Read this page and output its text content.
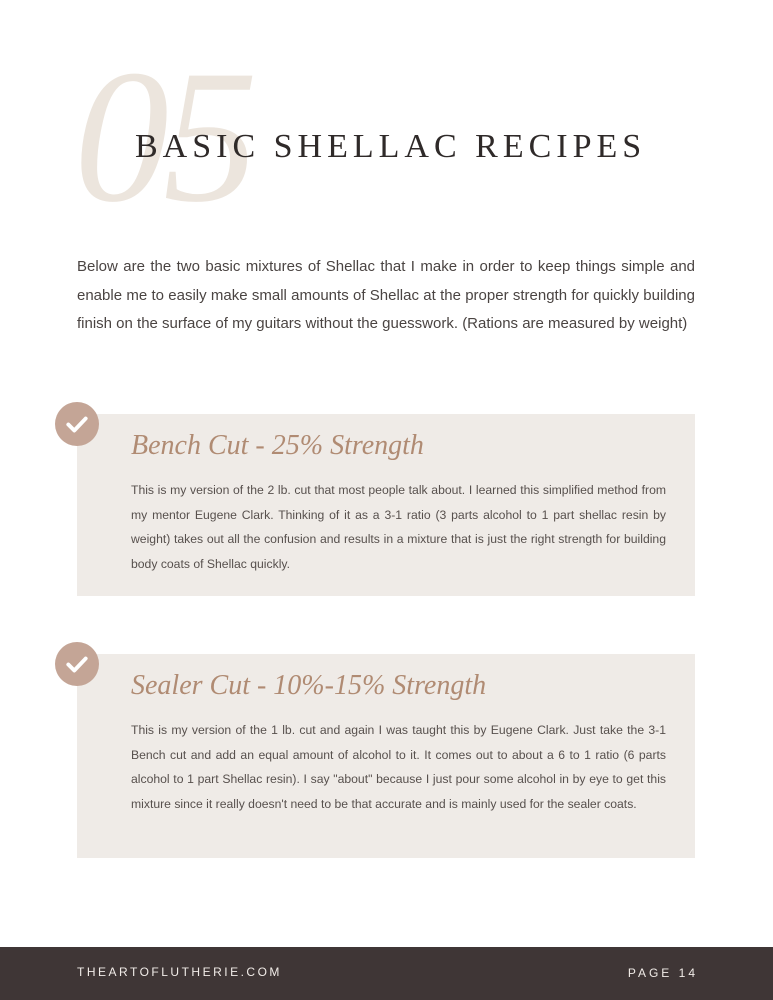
05
BASIC SHELLAC RECIPES

Below are the two basic mixtures of Shellac that I make in order to keep things simple and enable me to easily make small amounts of Shellac at the proper strength for quickly building finish on the surface of my guitars without the guesswork. (Rations are measured by weight)

Bench Cut - 25% Strength

This is my version of the 2 lb. cut that most people talk about. I learned this simplified method from my mentor Eugene Clark. Thinking of it as a 3-1 ratio (3 parts alcohol to 1 part shellac resin by weight) takes out all the confusion and results in a mixture that is just the right strength for building body coats of Shellac quickly.

Sealer Cut - 10%-15% Strength

This is my version of the 1 lb. cut and again I was taught this by Eugene Clark. Just take the 3-1 Bench cut and add an equal amount of alcohol to it. It comes out to about a 6 to 1 ratio (6 parts alcohol to 1 part Shellac resin). I say "about" because I just pour some alcohol in by eye to get this mixture since it really doesn't need to be that accurate and is mainly used for the sealer coats.

THEARTOFLUTHERIE.COM	PAGE 14
